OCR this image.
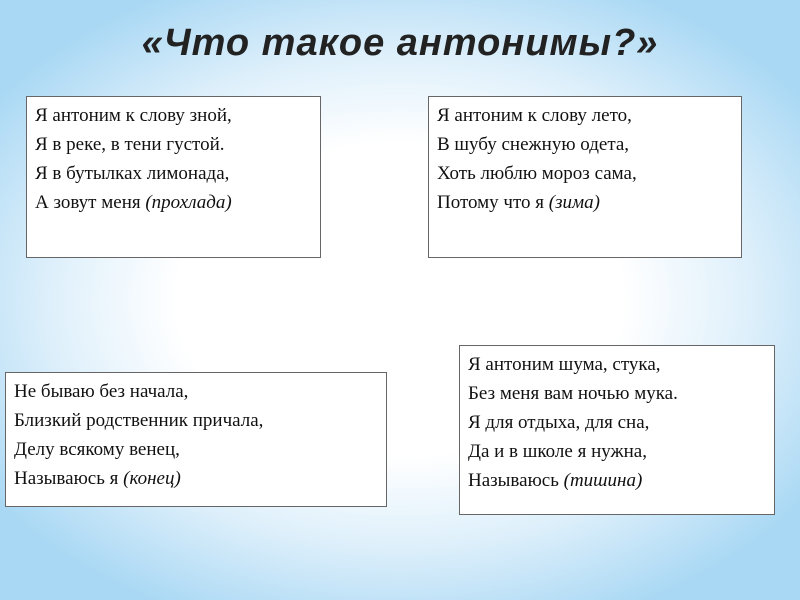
«Что такое антонимы?»
Я антоним к слову зной,
Я в реке, в тени густой.
Я в бутылках лимонада,
А зовут меня (прохлада)
Я антоним к слову лето,
В шубу снежную одета,
Хоть люблю мороз сама,
Потому что я (зима)
Не бываю без начала,
Близкий родственник причала,
Делу всякому венец,
Называюсь я (конец)
Я антоним шума, стука,
Без меня вам ночью мука.
Я для отдыха, для сна,
Да и в школе я нужна,
Называюсь (тишина)
